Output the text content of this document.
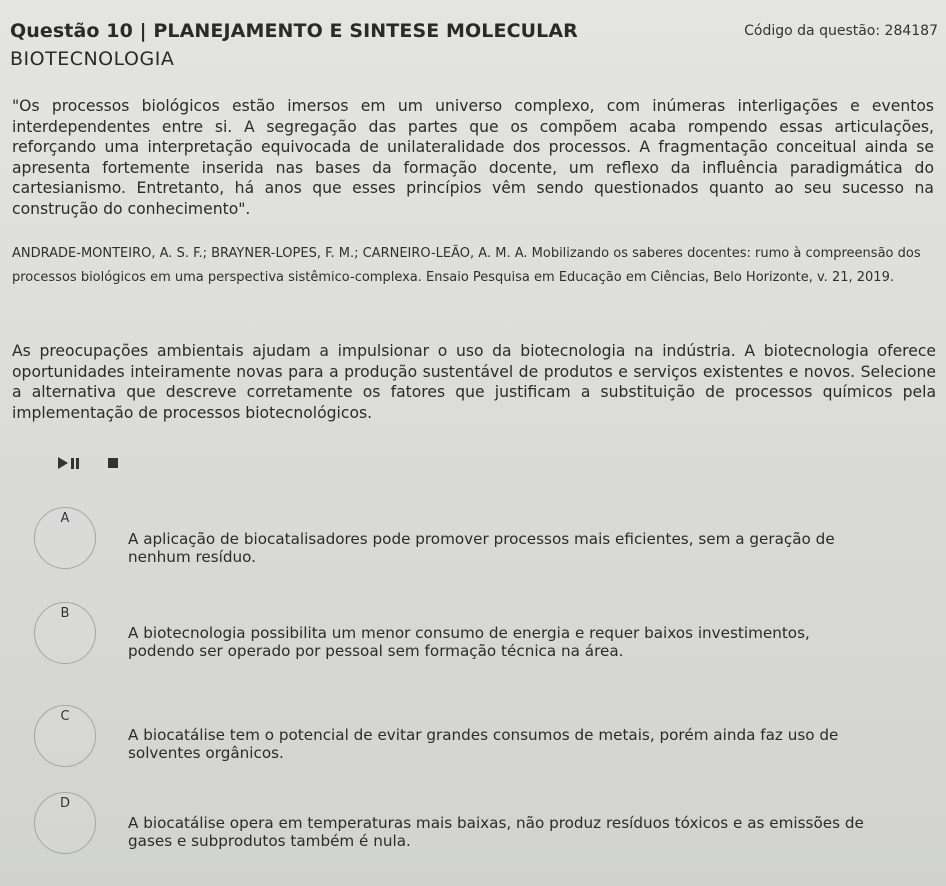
Questão 10 | PLANEJAMENTO E SINTESE MOLECULAR	Código da questão: 284187
BIOTECNOLOGIA
"Os processos biológicos estão imersos em um universo complexo, com inúmeras interligações e eventos interdependentes entre si. A segregação das partes que os compõem acaba rompendo essas articulações, reforçando uma interpretação equivocada de unilateralidade dos processos. A fragmentação conceitual ainda se apresenta fortemente inserida nas bases da formação docente, um reflexo da influência paradigmática do cartesianismo. Entretanto, há anos que esses princípios vêm sendo questionados quanto ao seu sucesso na construção do conhecimento".
ANDRADE-MONTEIRO, A. S. F.; BRAYNER-LOPES, F. M.; CARNEIRO-LEÃO, A. M. A. Mobilizando os saberes docentes: rumo à compreensão dos processos biológicos em uma perspectiva sistêmico-complexa. Ensaio Pesquisa em Educação em Ciências, Belo Horizonte, v. 21, 2019.
As preocupações ambientais ajudam a impulsionar o uso da biotecnologia na indústria. A biotecnologia oferece oportunidades inteiramente novas para a produção sustentável de produtos e serviços existentes e novos. Selecione a alternativa que descreve corretamente os fatores que justificam a substituição de processos químicos pela implementação de processos biotecnológicos.
A
A aplicação de biocatalisadores pode promover processos mais eficientes, sem a geração de nenhum resíduo.
B
A biotecnologia possibilita um menor consumo de energia e requer baixos investimentos, podendo ser operado por pessoal sem formação técnica na área.
C
A biocatálise tem o potencial de evitar grandes consumos de metais, porém ainda faz uso de solventes orgânicos.
D
A biocatálise opera em temperaturas mais baixas, não produz resíduos tóxicos e as emissões de gases e subprodutos também é nula.
